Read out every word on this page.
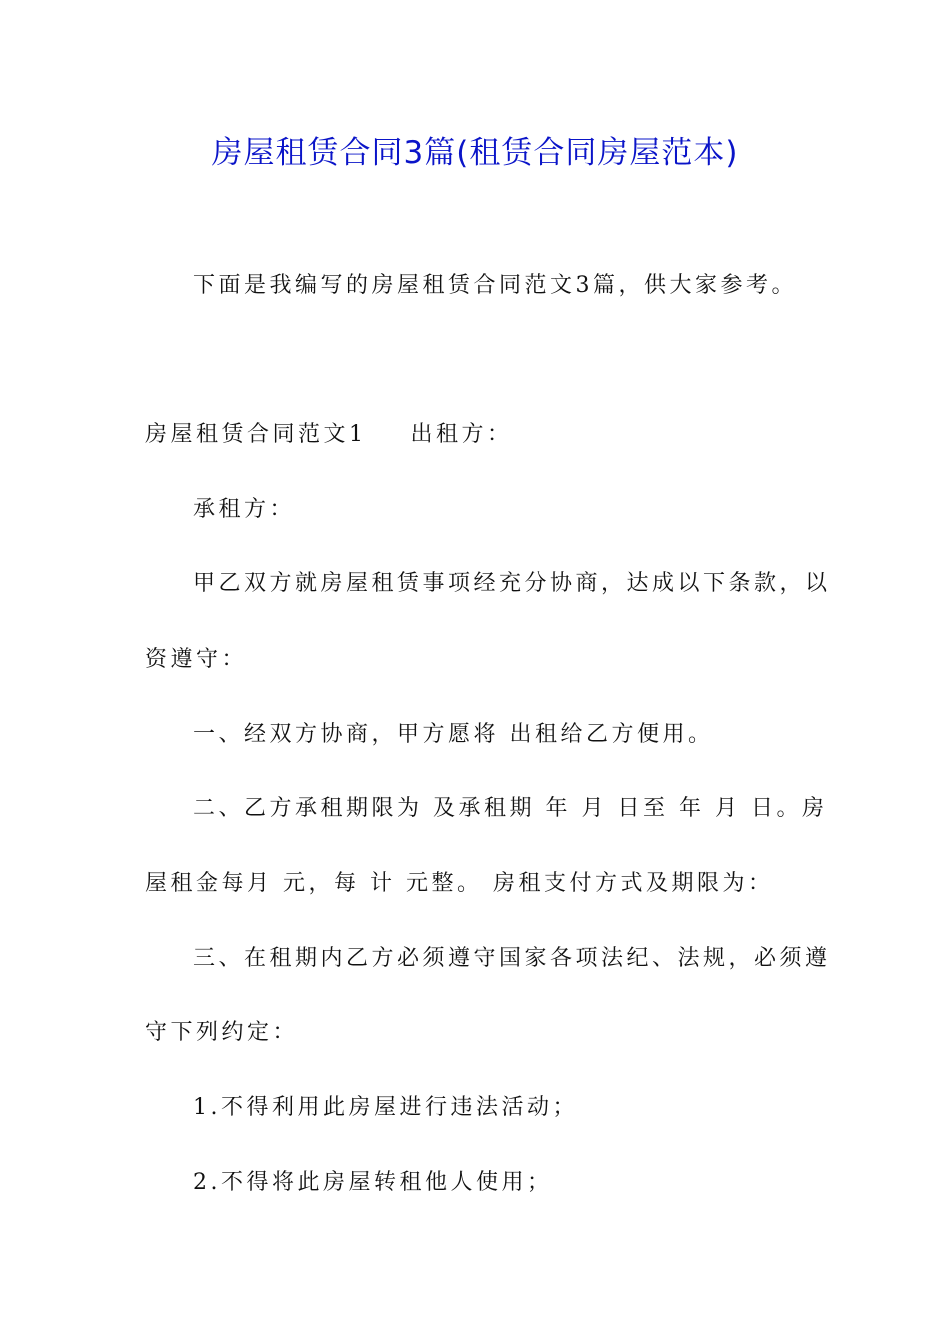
房屋租赁合同3篇(租赁合同房屋范本)
下面是我编写的房屋租赁合同范文3篇，供大家参考。
房屋租赁合同范文1 出租方：
承租方：
甲乙双方就房屋租赁事项经充分协商，达成以下条款，以
资遵守：
一、经双方协商，甲方愿将 出租给乙方便用。
二、乙方承租期限为 及承租期 年 月 日至 年 月 日。房
屋租金每月 元，每 计 元整。 房租支付方式及期限为：
三、在租期内乙方必须遵守国家各项法纪、法规，必须遵
守下列约定：
1.不得利用此房屋进行违法活动；
2.不得将此房屋转租他人使用；
